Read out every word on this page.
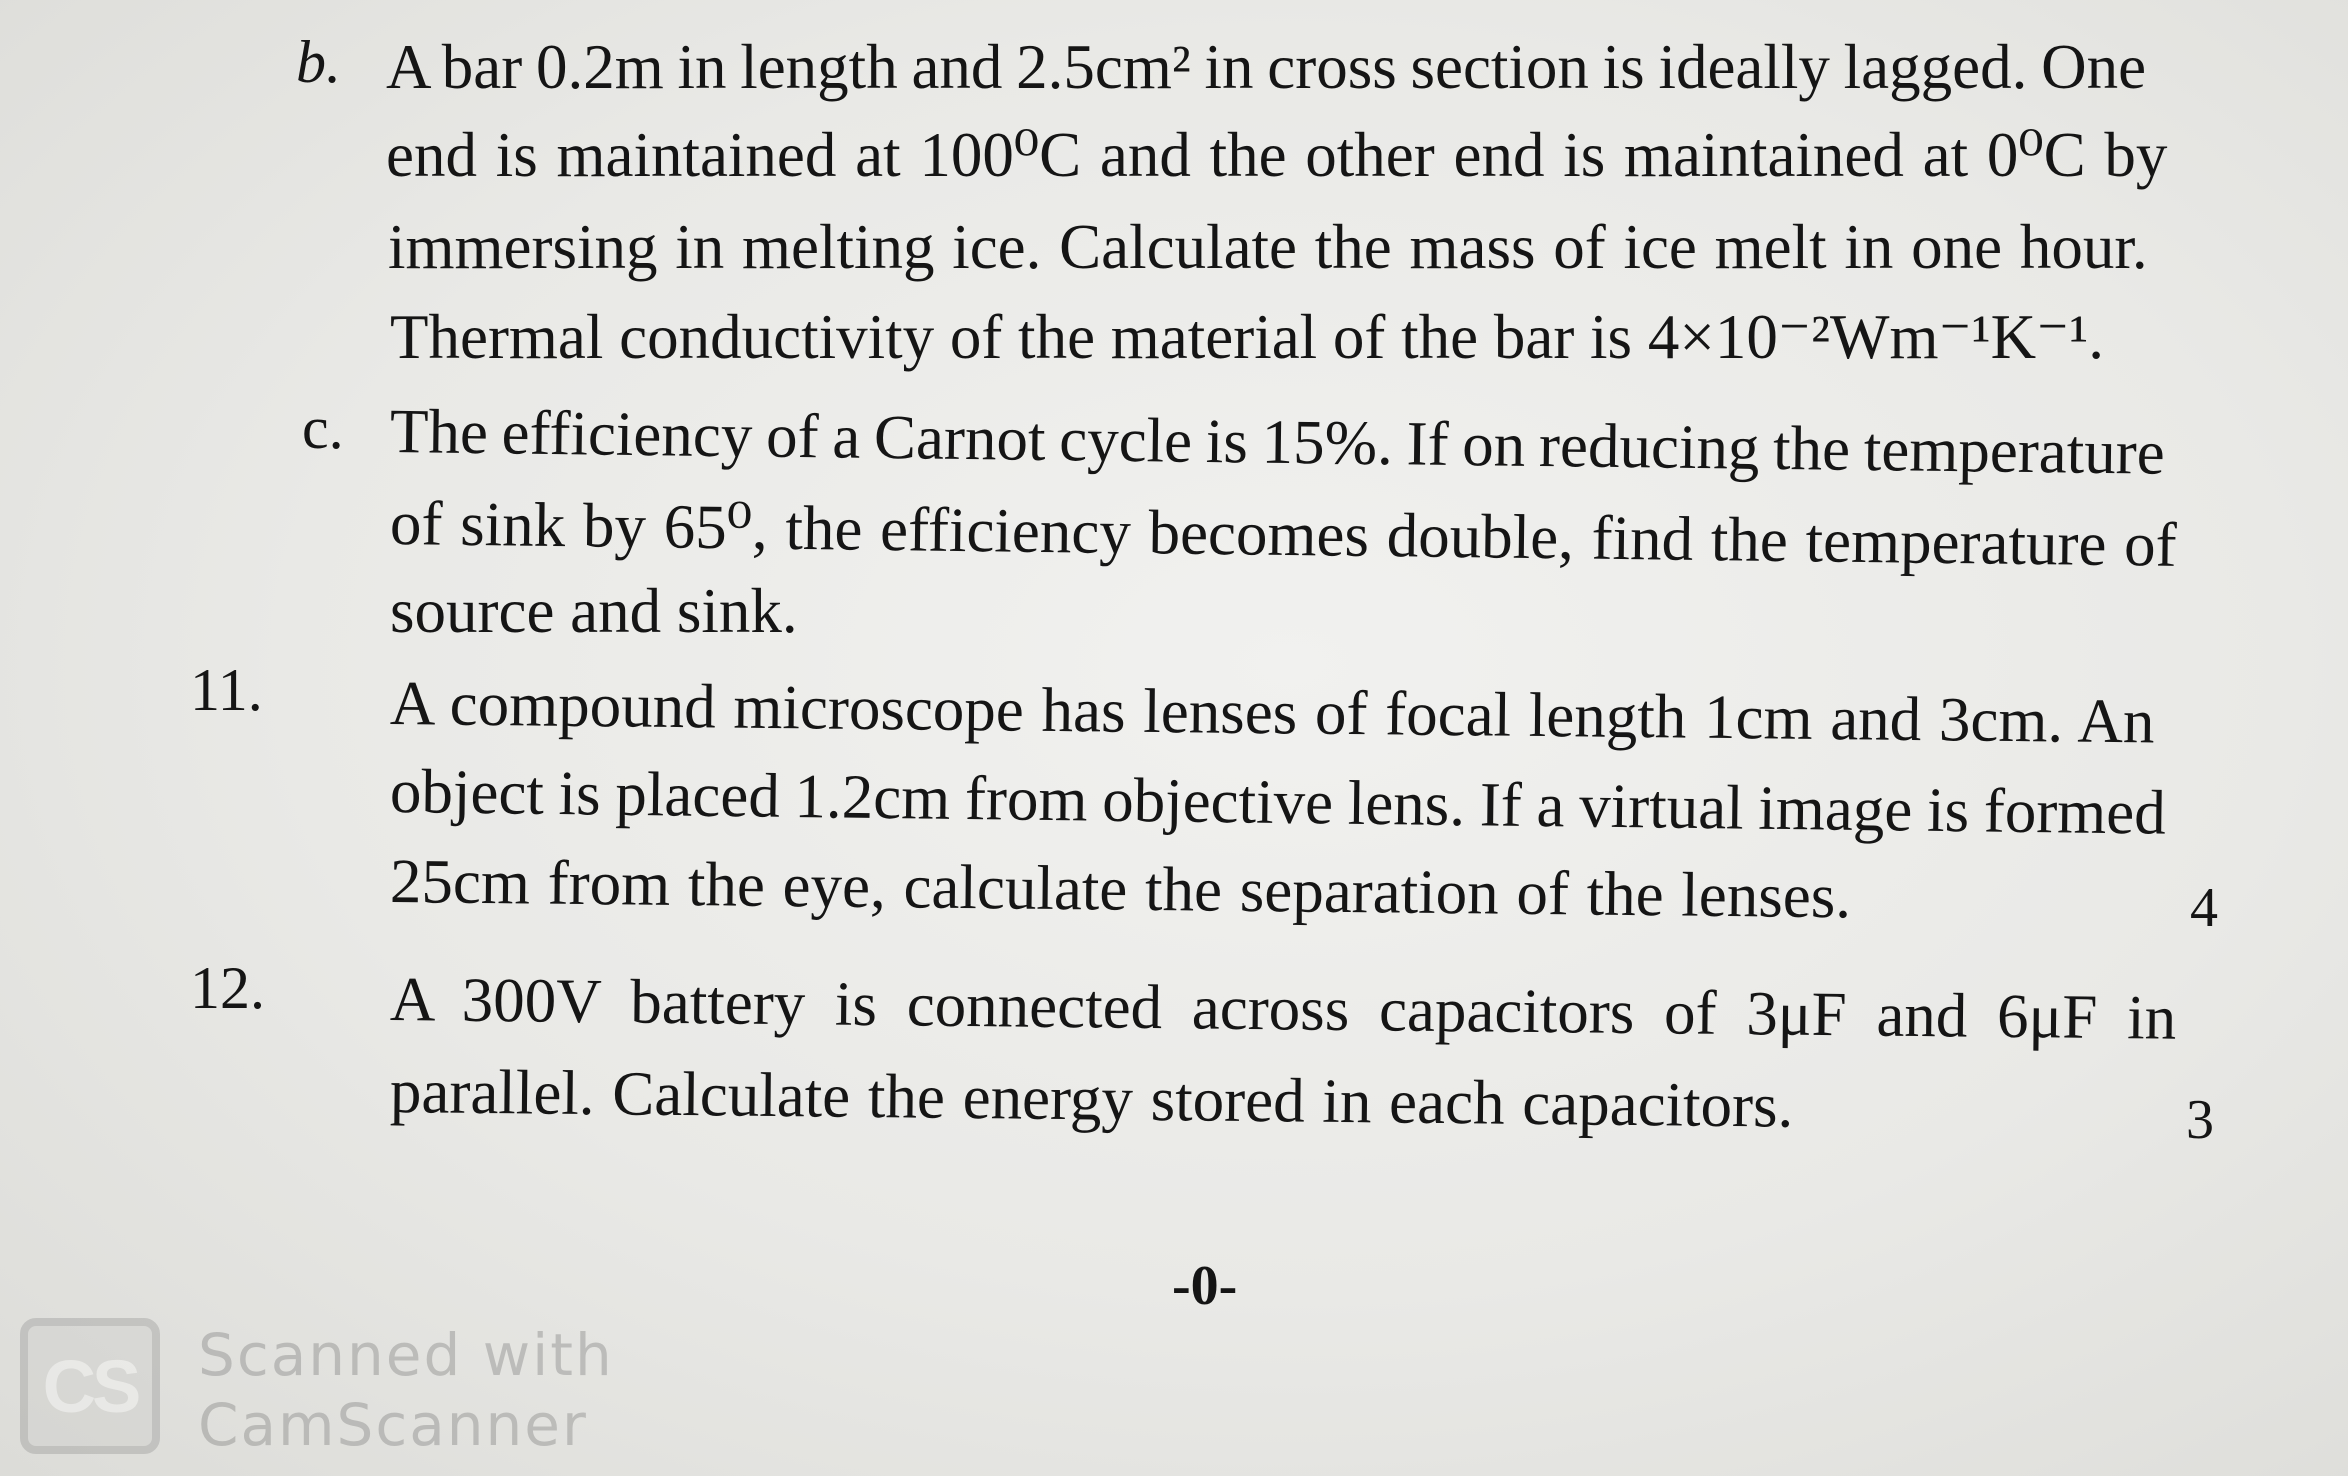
b. A bar 0.2m in length and 2.5cm² in cross section is ideally lagged. One
end is maintained at 100⁰C and the other end is maintained at 0⁰C by
immersing in melting ice. Calculate the mass of ice melt in one hour.
Thermal conductivity of the material of the bar is 4×10⁻²Wm⁻¹K⁻¹.
c. The efficiency of a Carnot cycle is 15%. If on reducing the temperature
of sink by 65⁰, the efficiency becomes double, find the temperature of
source and sink.
11. A compound microscope has lenses of focal length 1cm and 3cm. An
object is placed 1.2cm from objective lens. If a virtual image is formed
25cm from the eye, calculate the separation of the lenses.	4
12. A 300V battery is connected across capacitors of 3μF and 6μF in
parallel. Calculate the energy stored in each capacitors.	3
-0-
CS Scanned with
CamScanner
